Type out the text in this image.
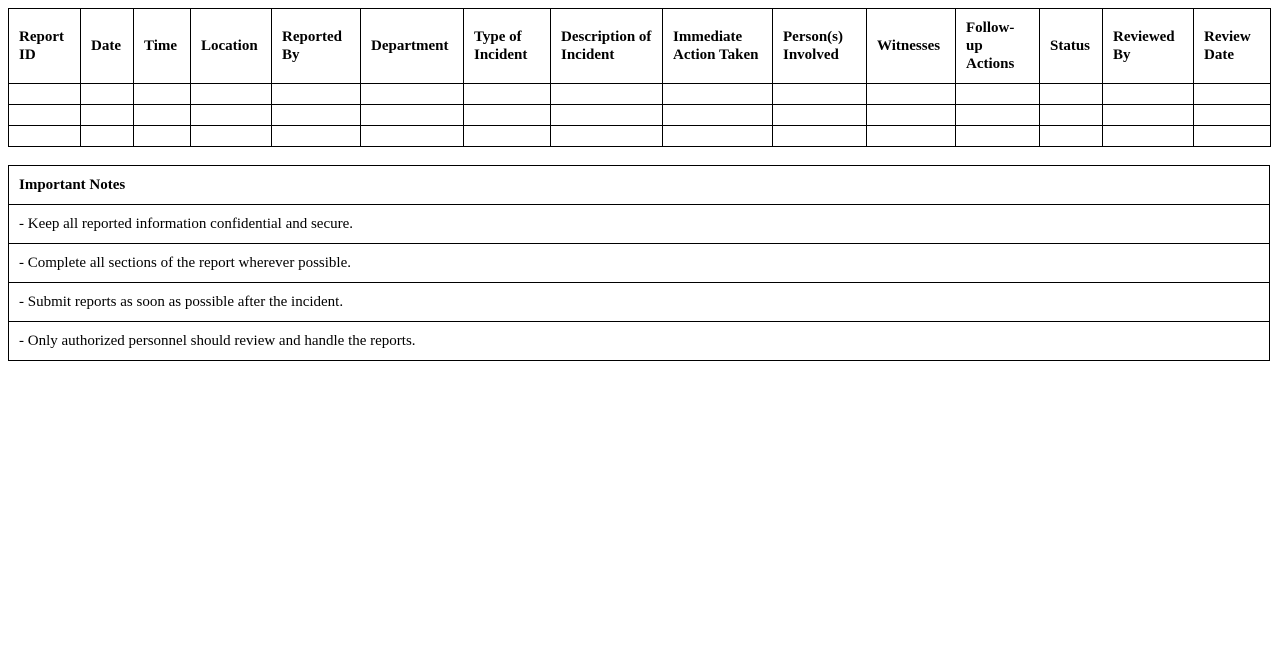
Report ID	Date	Time	Location	Reported By	Department	Type of Incident	Description of Incident	Immediate Action Taken	Person(s) Involved	Witnesses	Follow-up Actions	Status	Reviewed By	Review Date

Important Notes
- Keep all reported information confidential and secure.
- Complete all sections of the report wherever possible.
- Submit reports as soon as possible after the incident.
- Only authorized personnel should review and handle the reports.
